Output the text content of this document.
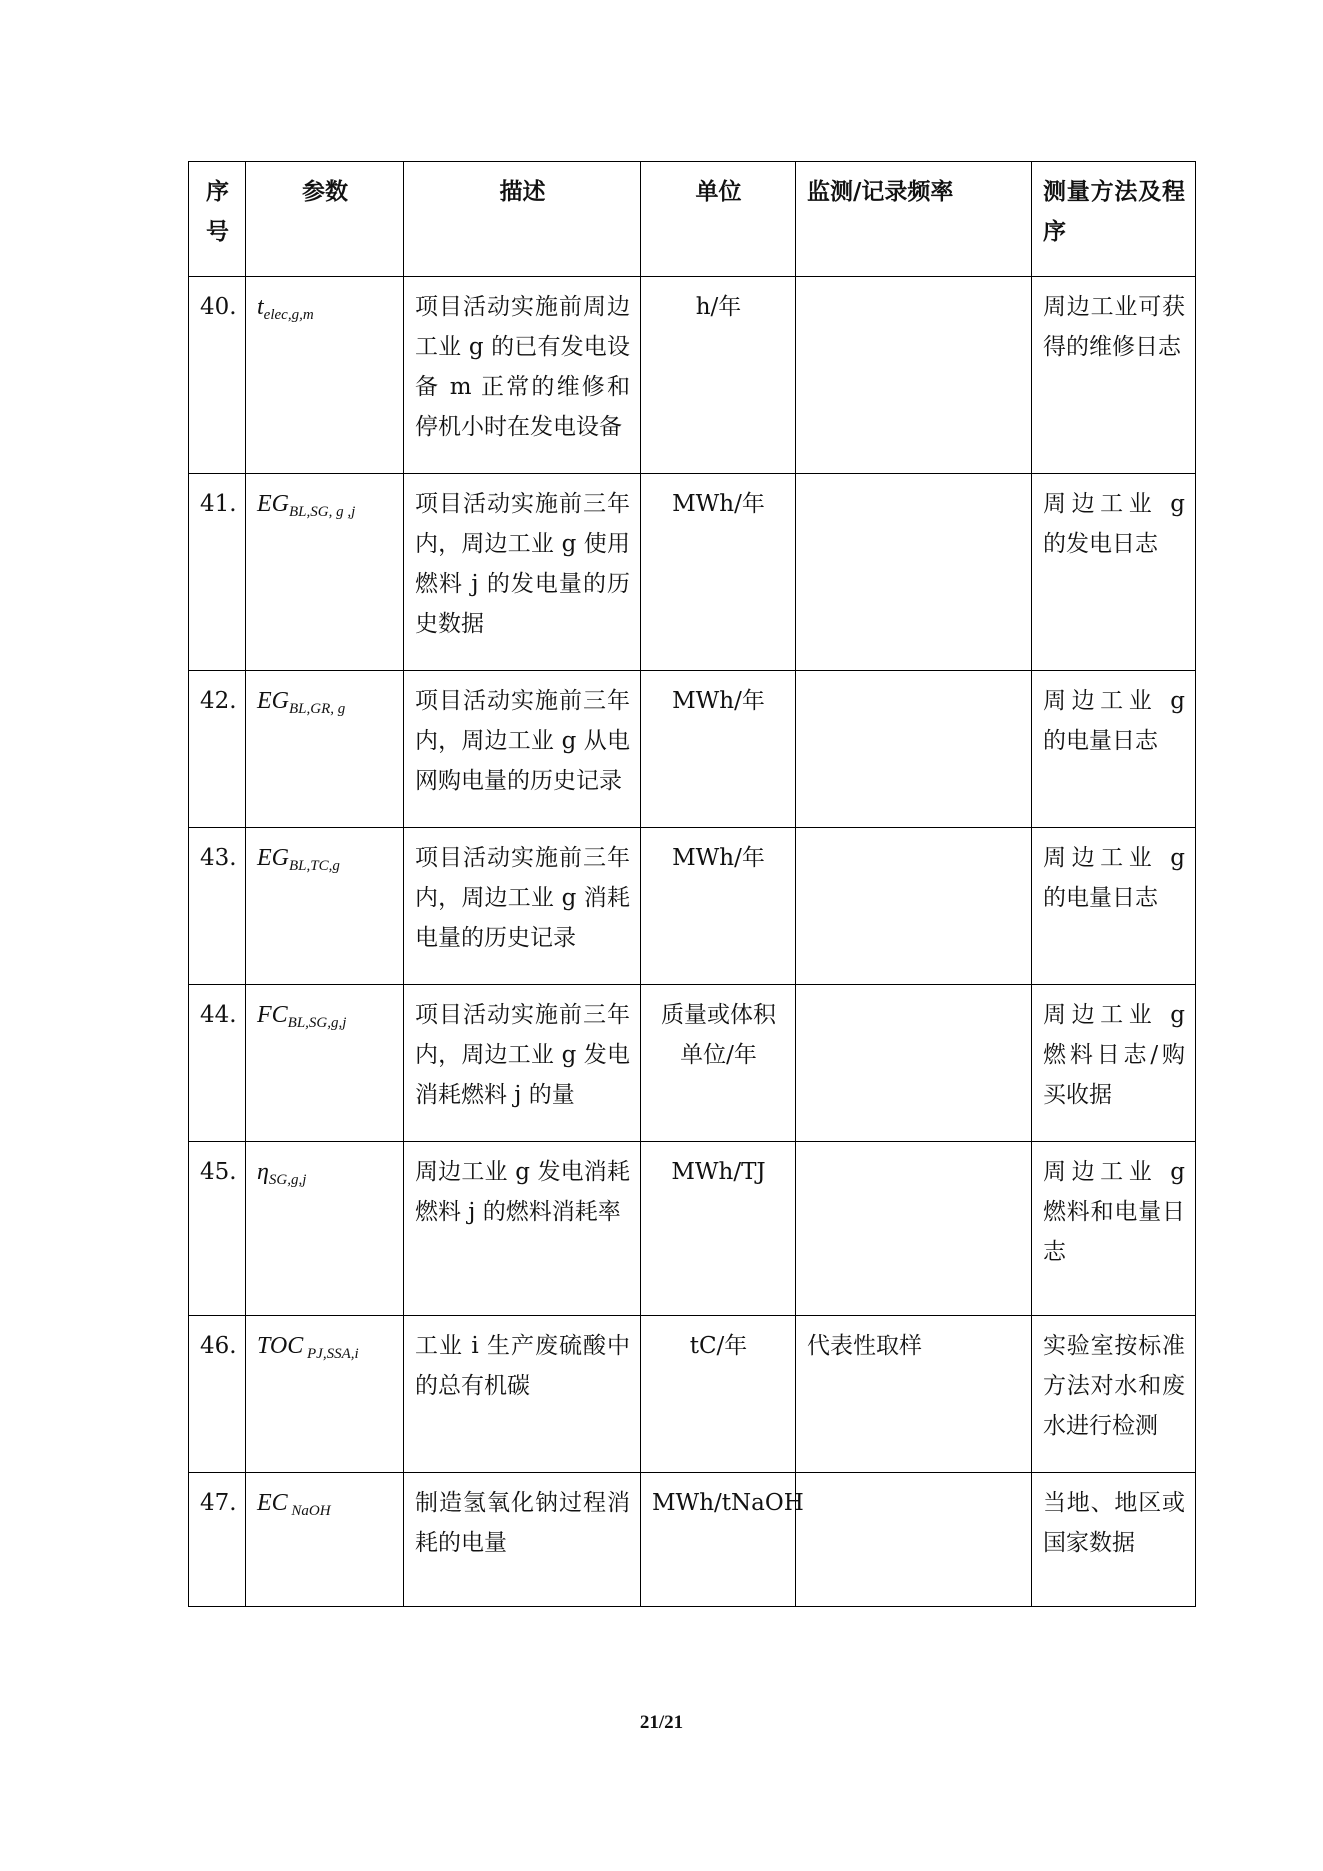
序号	参数	描述	单位	监测/记录频率	测量方法及程序
40.	$t_{elec,g,m}$	项目活动实施前周边工业 g 的已有发电设备 m 正常的维修和停机小时在发电设备	h/年		周边工业可获得的维修日志
41.	$EG_{BL,SG, g ,j}$	项目活动实施前三年内，周边工业 g 使用燃料 j 的发电量的历史数据	MWh/年		周边工业 g 的发电日志
42.	$EG_{BL,GR, g}$	项目活动实施前三年内，周边工业 g 从电网购电量的历史记录	MWh/年		周边工业 g 的电量日志
43.	$EG_{BL,TC,g}$	项目活动实施前三年内，周边工业 g 消耗电量的历史记录	MWh/年		周边工业 g 的电量日志
44.	$FC_{BL,SG,g,j}$	项目活动实施前三年内，周边工业 g 发电消耗燃料 j 的量	质量或体积单位/年		周边工业 g 燃料日志/购买收据
45.	$\eta_{SG,g,j}$	周边工业 g 发电消耗燃料 j 的燃料消耗率	MWh/TJ		周边工业 g 燃料和电量日志
46.	TOC $_{PJ,SSA,i}$	工业 i 生产废硫酸中的总有机碳	tC/年	代表性取样	实验室按标准方法对水和废水进行检测
47.	EC $_{NaOH}$	制造氢氧化钠过程消耗的电量	MWh/tNaOH		当地、地区或国家数据
21/21
